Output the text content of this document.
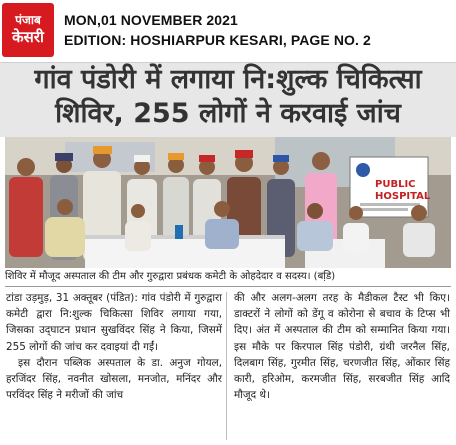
पंजाब
केसरी
MON,01 NOVEMBER 2021
EDITION: HOSHIARPUR KESARI, PAGE NO. 2
गांव पंडोरी में लगाया नि:शुल्क चिकित्सा
शिविर, 255 लोगों ने करवाई जांच
PUBLIC
HOSPITAL
शिविर में मौजूद अस्पताल की टीम और गुरुद्वारा प्रबंधक कमेटी के ओहदेदार व सदस्य। (बडि़)

टांडा उड़मुड़, 31 अक्तूबर (पंडित): गांव पंडोरी में गुरुद्वारा कमेटी द्वारा नि:शुल्क चिकित्सा शिविर लगाया गया, जिसका उद्‌घाटन प्रधान सुखविंदर सिंह ने किया, जिसमें 255 लोगों की जांच कर दवाइयां दी गईं।

इस दौरान पब्लिक अस्पताल के डा. अनुज गोयल, हरजिंदर सिंह, नवनीत खोसला, मनजोत, मनिंदर और परविंदर सिंह ने मरीजों की जांच

की और अलग-अलग तरह के मैडीकल टैस्ट भी किए। डाक्टरों ने लोगों को डेंगू व कोरोना से बचाव के टिप्स भी दिए। अंत में अस्पताल की टीम को सम्मानित किया गया। इस मौके पर किरपाल सिंह पंडोरी, ग्रंथी जरनैल सिंह, दिलबाग सिंह, गुरमीत सिंह, चरणजीत सिंह, ओंकार सिंह कारी, हरिओम, करमजीत सिंह, सरबजीत सिंह आदि मौजूद थे।
